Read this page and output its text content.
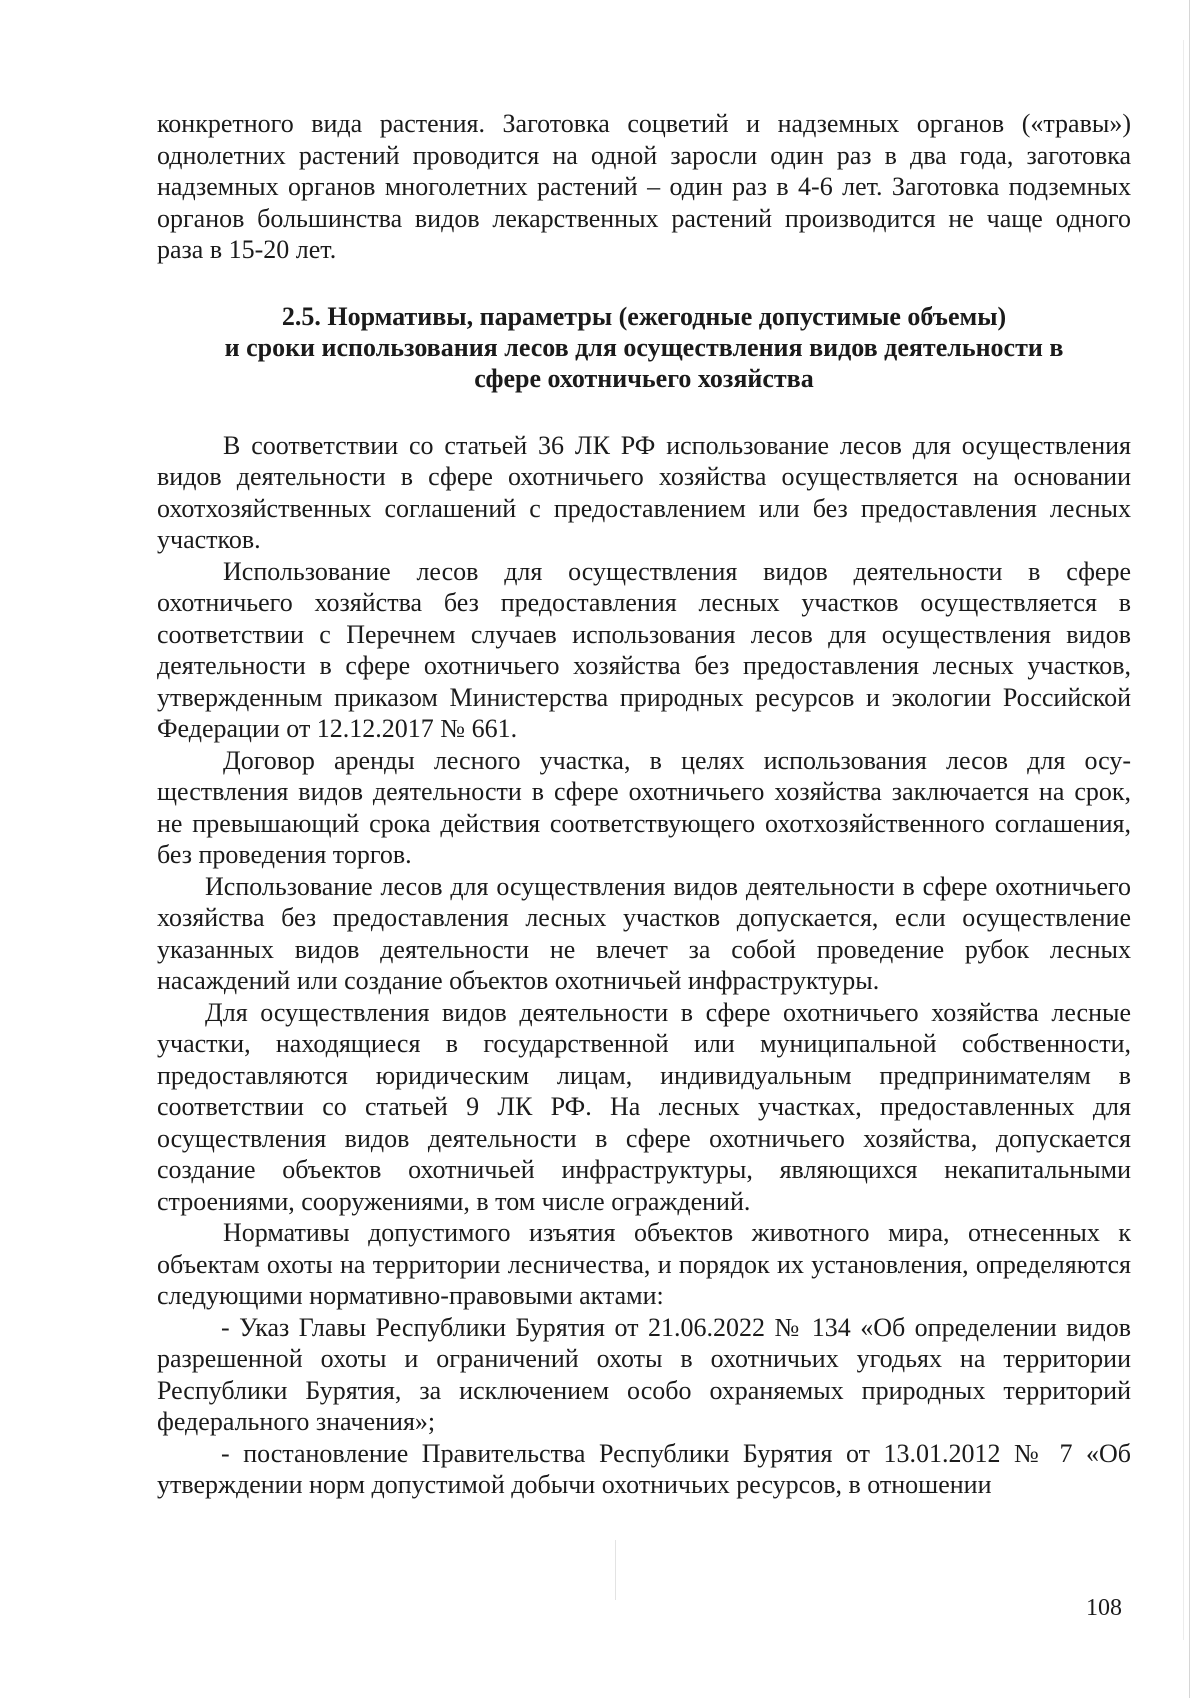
конкретного вида растения. Заготовка соцветий и надземных органов («травы») однолетних растений проводится на одной заросли один раз в два года, заготовка надземных органов многолетних растений – один раз в 4-6 лет. Заготовка подземных органов большинства видов лекарственных растений производится не чаще одного раза в 15-20 лет.

2.5. Нормативы, параметры (ежегодные допустимые объемы)
и сроки использования лесов для осуществления видов деятельности в
сфере охотничьего хозяйства

В соответствии со статьей 36 ЛК РФ использование лесов для осуществления видов деятельности в сфере охотничьего хозяйства осуществляется на основании охотхозяйственных соглашений с предоставлением или без предоставления лесных участков.

Использование лесов для осуществления видов деятельности в сфере охотничьего хозяйства без предоставления лесных участков осуществляется в соответствии с Перечнем случаев использования лесов для осуществления видов деятельности в сфере охотничьего хозяйства без предоставления лесных участков, утвержденным приказом Министерства природных ресурсов и экологии Российской Федерации от 12.12.2017 № 661.

Договор аренды лесного участка, в целях использования лесов для осуществления видов деятельности в сфере охотничьего хозяйства заключается на срок, не превышающий срока действия соответствующего охотхозяйственного соглашения, без проведения торгов.

Использование лесов для осуществления видов деятельности в сфере охотничьего хозяйства без предоставления лесных участков допускается, если осуществление указанных видов деятельности не влечет за собой проведение рубок лесных насаждений или создание объектов охотничьей инфраструктуры.

Для осуществления видов деятельности в сфере охотничьего хозяйства лесные участки, находящиеся в государственной или муниципальной собственности, предоставляются юридическим лицам, индивидуальным предпринимателям в соответствии со статьей 9 ЛК РФ. На лесных участках, предоставленных для осуществления видов деятельности в сфере охотничьего хозяйства, допускается создание объектов охотничьей инфраструктуры, являющихся некапитальными строениями, сооружениями, в том числе ограждений.

Нормативы допустимого изъятия объектов животного мира, отнесенных к объектам охоты на территории лесничества, и порядок их установления, определяются следующими нормативно-правовыми актами:

- Указ Главы Республики Бурятия от 21.06.2022 № 134 «Об определении видов разрешенной охоты и ограничений охоты в охотничьих угодьях на территории Республики Бурятия, за исключением особо охраняемых природных территорий федерального значения»;

- постановление Правительства Республики Бурятия от 13.01.2012 № 7 «Об утверждении норм допустимой добычи охотничьих ресурсов, в отношении

108
